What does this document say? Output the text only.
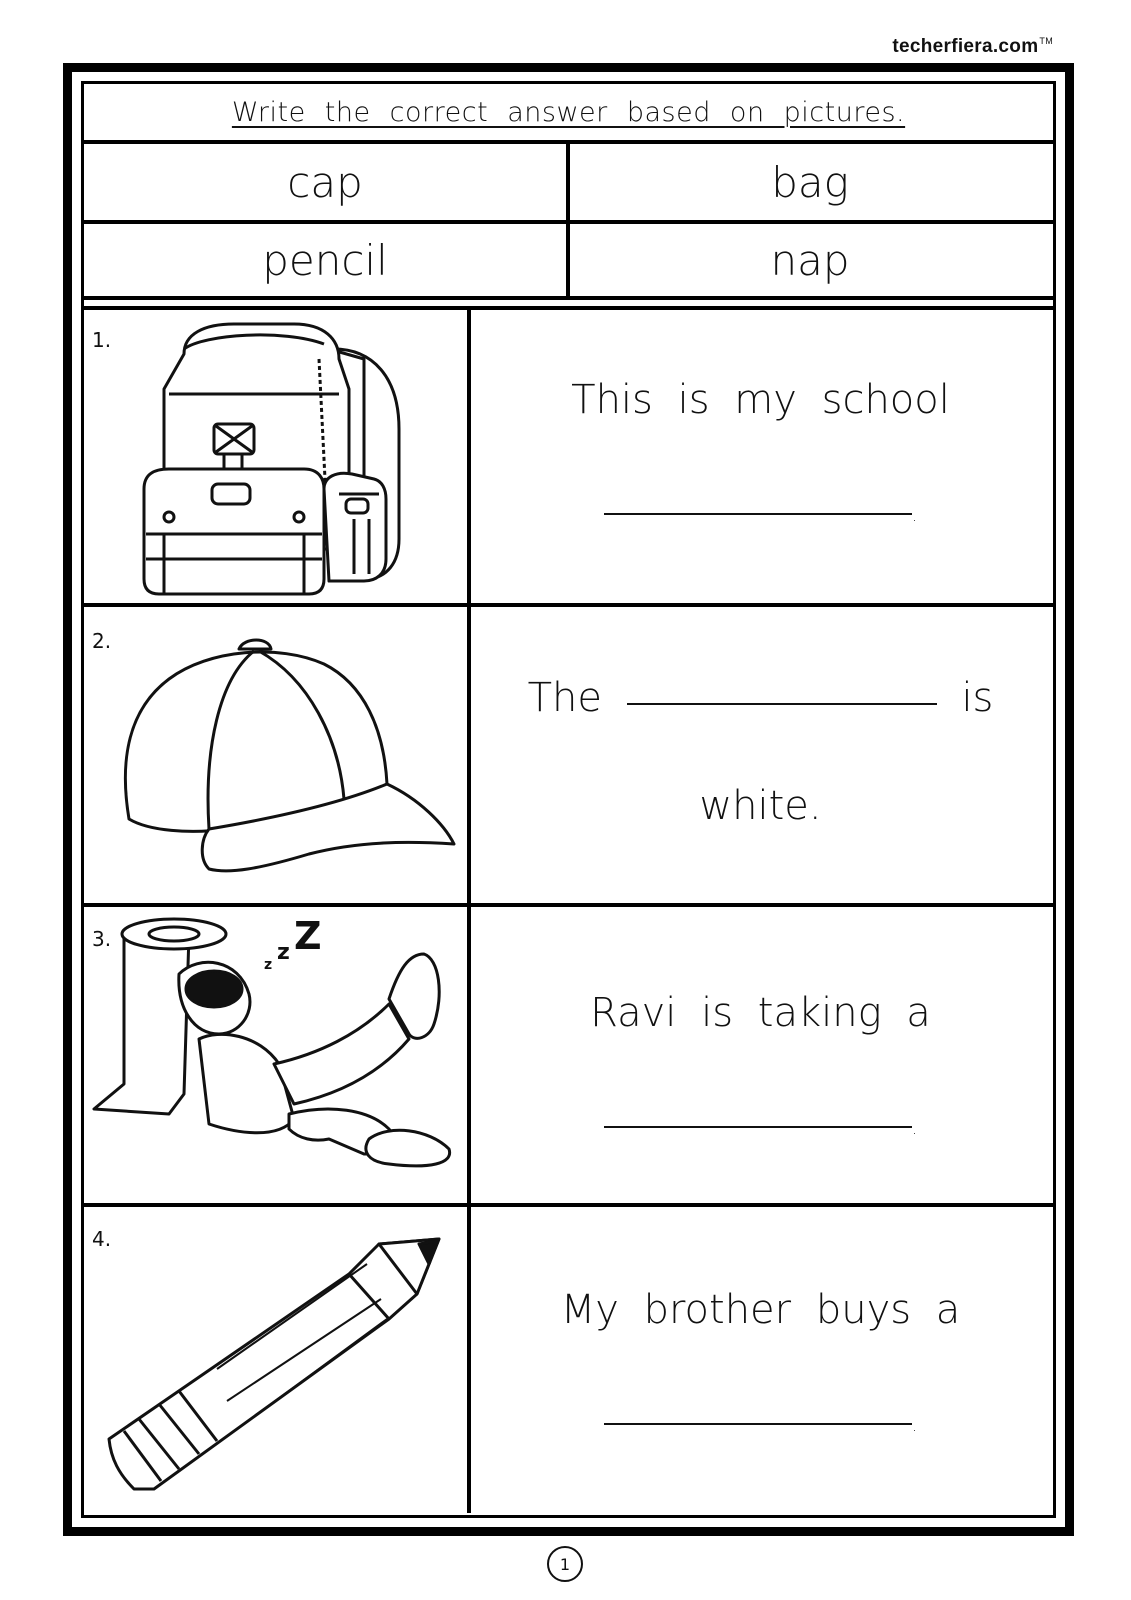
techerfiera.com™
Write the correct answer based on pictures.
cap	bag
pencil	nap
1.
This is my school
.
2.
The	is
white.
3.
z z Z
Ravi is taking a
.
4.
My brother buys a
.
1
